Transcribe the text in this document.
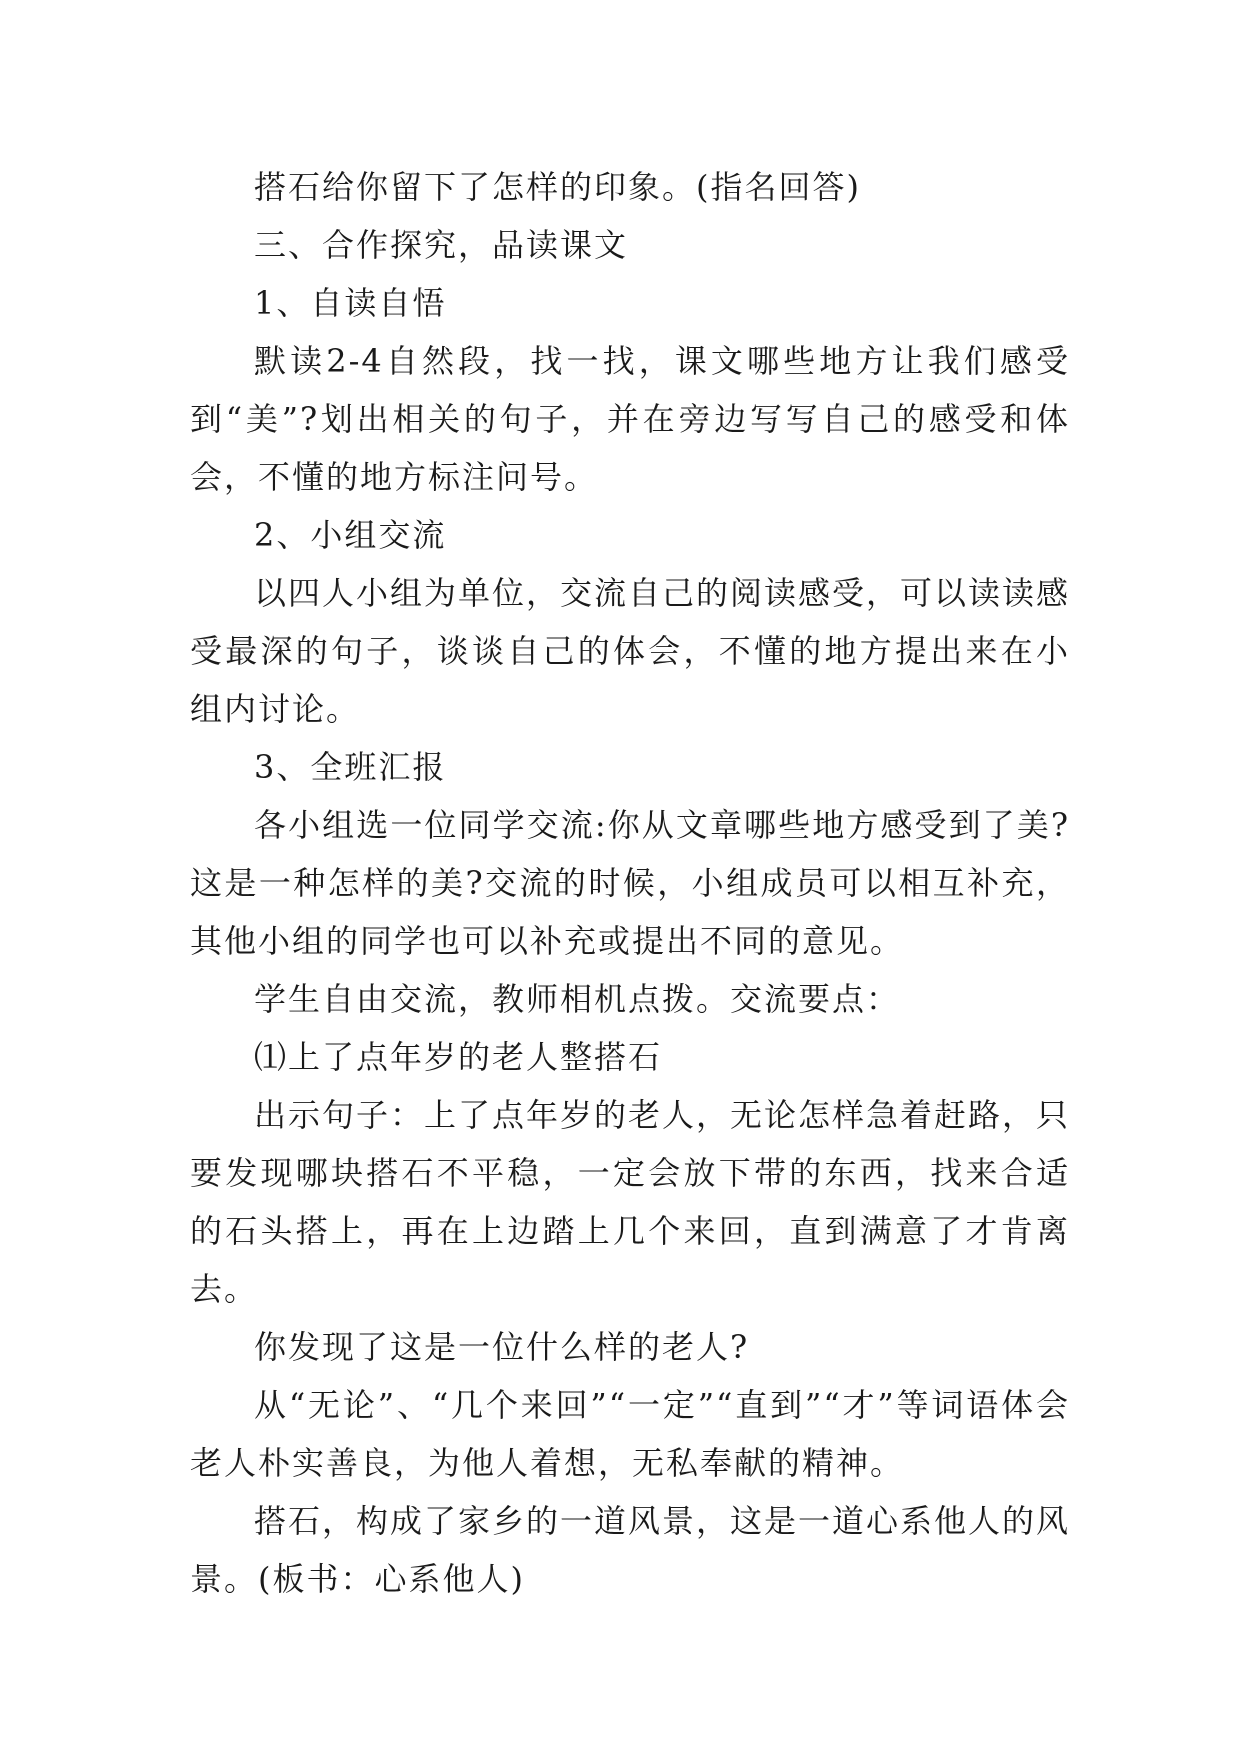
搭石给你留下了怎样的印象。(指名回答)

三、合作探究，品读课文

1、自读自悟

默读2-4自然段，找一找，课文哪些地方让我们感受到“美”?划出相关的句子，并在旁边写写自己的感受和体会，不懂的地方标注问号。

2、小组交流

以四人小组为单位，交流自己的阅读感受，可以读读感受最深的句子，谈谈自己的体会，不懂的地方提出来在小组内讨论。

3、全班汇报

各小组选一位同学交流:你从文章哪些地方感受到了美?这是一种怎样的美?交流的时候，小组成员可以相互补充，其他小组的同学也可以补充或提出不同的意见。

学生自由交流，教师相机点拨。交流要点：

⑴上了点年岁的老人整搭石

出示句子：上了点年岁的老人，无论怎样急着赶路，只要发现哪块搭石不平稳，一定会放下带的东西，找来合适的石头搭上，再在上边踏上几个来回，直到满意了才肯离去。

你发现了这是一位什么样的老人?

从“无论”、“几个来回”“一定”“直到”“才”等词语体会老人朴实善良，为他人着想，无私奉献的精神。

搭石，构成了家乡的一道风景，这是一道心系他人的风景。(板书：心系他人)
